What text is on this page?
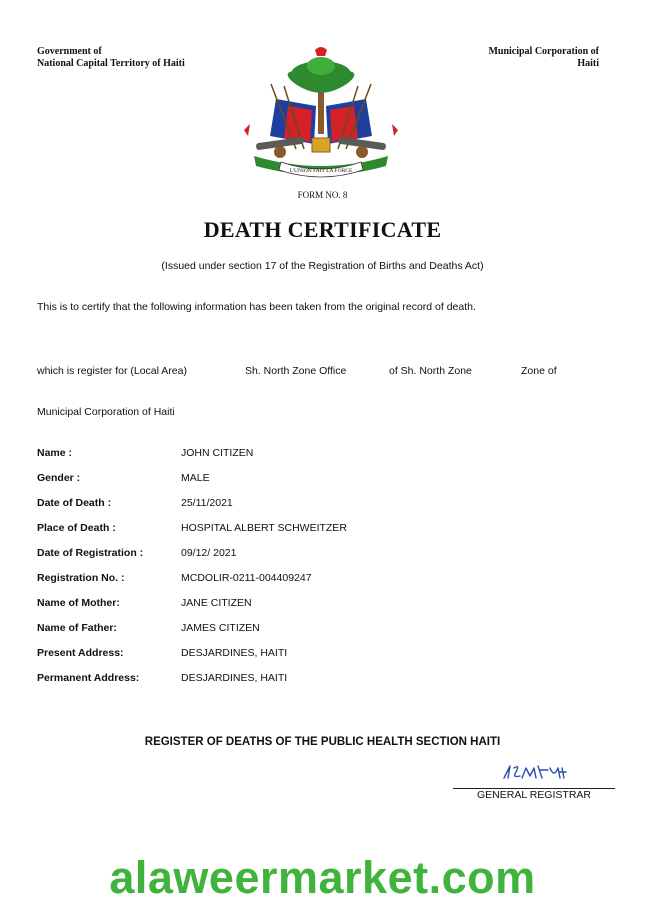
Government of
National Capital Territory of Haiti
Municipal Corporation of
Haiti
L'UNION FAIT LA FORCE
FORM NO. 8
DEATH CERTIFICATE
(Issued under section 17 of the Registration of Births and Deaths Act)
This is to certify that the following information has been taken from the original record of death.
which is register for (Local Area)	Sh. North Zone Office	of Sh. North Zone	Zone of
Municipal Corporation of Haiti
Name :	JOHN CITIZEN
Gender :	MALE
Date of Death :	25/11/2021
Place of Death :	HOSPITAL ALBERT SCHWEITZER
Date of Registration :	09/12/ 2021
Registration No. :	MCDOLIR-0211-004409247
Name of Mother:	JANE CITIZEN
Name of Father:	JAMES CITIZEN
Present Address:	DESJARDINES, HAITI
Permanent Address:	DESJARDINES, HAITI
REGISTER OF DEATHS OF THE PUBLIC HEALTH SECTION HAITI
GENERAL REGISTRAR
alaweermarket.com
